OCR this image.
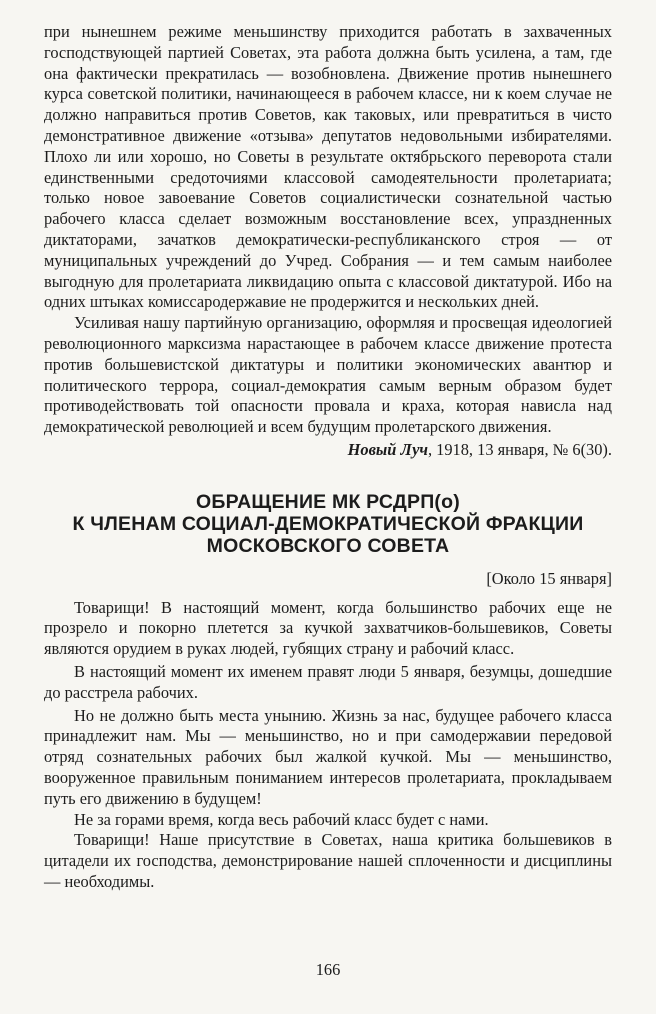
при нынешнем режиме меньшинству приходится работать в захваченных господствующей партией Советах, эта работа должна быть усилена, а там, где она фактически прекратилась — возобновлена. Движение против нынешнего курса советской политики, начинающееся в рабочем классе, ни к коем случае не должно направиться против Советов, как таковых, или превратиться в чисто демонстративное движение «отзыва» депутатов недовольными избирателями. Плохо ли или хорошо, но Советы в результате октябрьского переворота стали единственными средоточиями классовой самодеятельности пролетариата; только новое завоевание Советов социалистически сознательной частью рабочего класса сделает возможным восстановление всех, упраздненных диктаторами, зачатков демократически-республиканского строя — от муниципальных учреждений до Учред. Собрания — и тем самым наиболее выгодную для пролетариата ликвидацию опыта с классовой диктатурой. Ибо на одних штыках комиссародержавие не продержится и нескольких дней.

Усиливая нашу партийную организацию, оформляя и просвещая идеологией революционного марксизма нарастающее в рабочем классе движение протеста против большевистской диктатуры и политики экономических авантюр и политического террора, социал-демократия самым верным образом будет противодействовать той опасности провала и краха, которая нависла над демократической революцией и всем будущим пролетарского движения.

Новый Луч, 1918, 13 января, № 6(30).
ОБРАЩЕНИЕ МК РСДРП(о)
К ЧЛЕНАМ СОЦИАЛ-ДЕМОКРАТИЧЕСКОЙ ФРАКЦИИ
МОСКОВСКОГО СОВЕТА
[Около 15 января]

Товарищи! В настоящий момент, когда большинство рабочих еще не прозрело и покорно плетется за кучкой захватчиков-большевиков, Советы являются орудием в руках людей, губящих страну и рабочий класс.

В настоящий момент их именем правят люди 5 января, безумцы, дошедшие до расстрела рабочих.

Но не должно быть места унынию. Жизнь за нас, будущее рабочего класса принадлежит нам. Мы — меньшинство, но и при самодержавии передовой отряд сознательных рабочих был жалкой кучкой. Мы — меньшинство, вооруженное правильным пониманием интересов пролетариата, прокладываем путь его движению в будущем!

Не за горами время, когда весь рабочий класс будет с нами.

Товарищи! Наше присутствие в Советах, наша критика большевиков в цитадели их господства, демонстрирование нашей сплоченности и дисциплины — необходимы.

166
